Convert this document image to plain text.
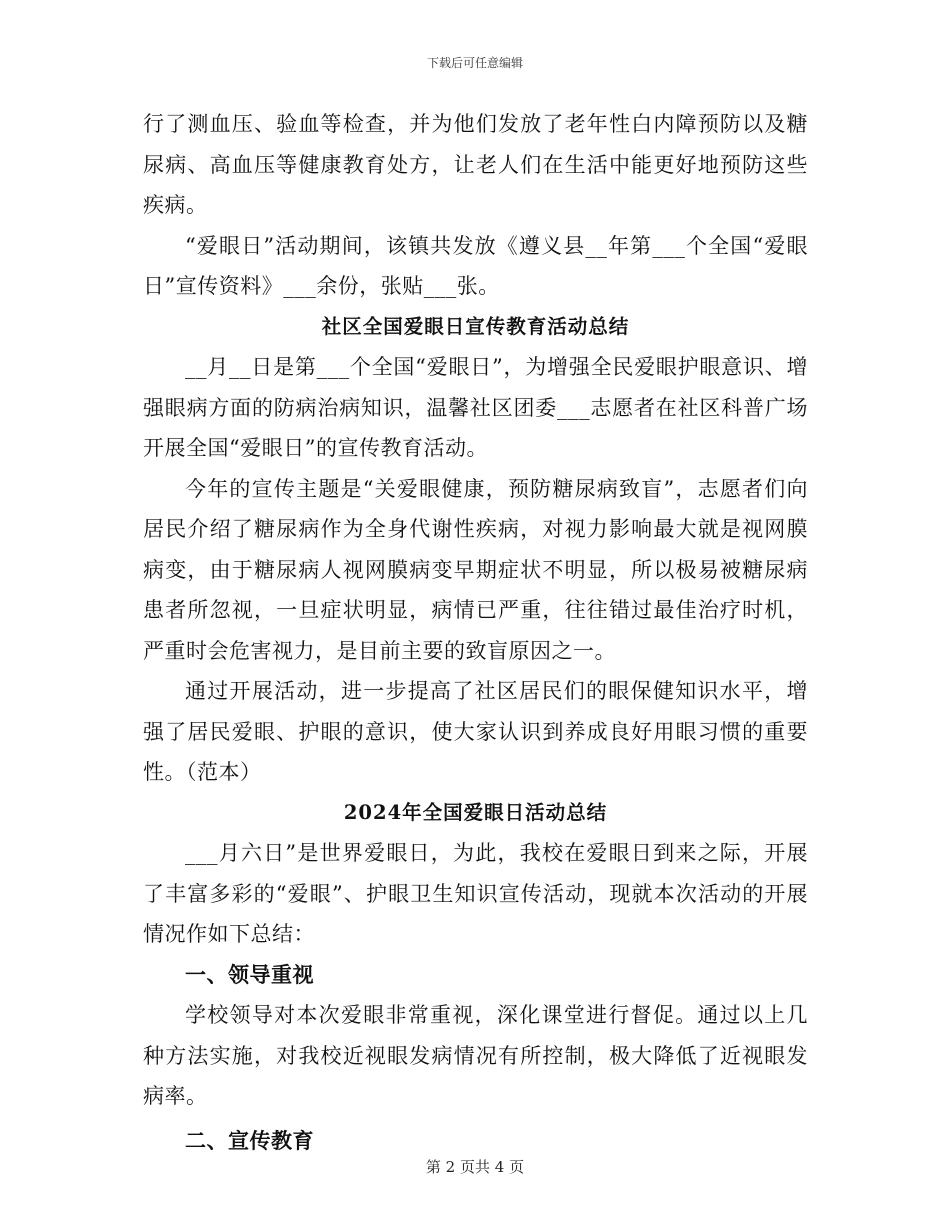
下载后可任意编辑

行了测血压、验血等检查，并为他们发放了老年性白内障预防以及糖尿病、高血压等健康教育处方，让老人们在生活中能更好地预防这些疾病。

“爱眼日”活动期间，该镇共发放《遵义县__年第___个全国“爱眼日”宣传资料》___余份，张贴___张。

社区全国爱眼日宣传教育活动总结

__月__日是第___个全国“爱眼日”，为增强全民爱眼护眼意识、增强眼病方面的防病治病知识，温馨社区团委___志愿者在社区科普广场开展全国“爱眼日”的宣传教育活动。

今年的宣传主题是“关爱眼健康，预防糖尿病致盲”，志愿者们向居民介绍了糖尿病作为全身代谢性疾病，对视力影响最大就是视网膜病变，由于糖尿病人视网膜病变早期症状不明显，所以极易被糖尿病患者所忽视，一旦症状明显，病情已严重，往往错过最佳治疗时机，严重时会危害视力，是目前主要的致盲原因之一。

通过开展活动，进一步提高了社区居民们的眼保健知识水平，增强了居民爱眼、护眼的意识，使大家认识到养成良好用眼习惯的重要性。（范本）

2024年全国爱眼日活动总结

___月六日”是世界爱眼日，为此，我校在爱眼日到来之际，开展了丰富多彩的“爱眼”、护眼卫生知识宣传活动，现就本次活动的开展情况作如下总结：

一、领导重视

学校领导对本次爱眼非常重视，深化课堂进行督促。通过以上几种方法实施，对我校近视眼发病情况有所控制，极大降低了近视眼发病率。

二、宣传教育

第 2 页共 4 页
